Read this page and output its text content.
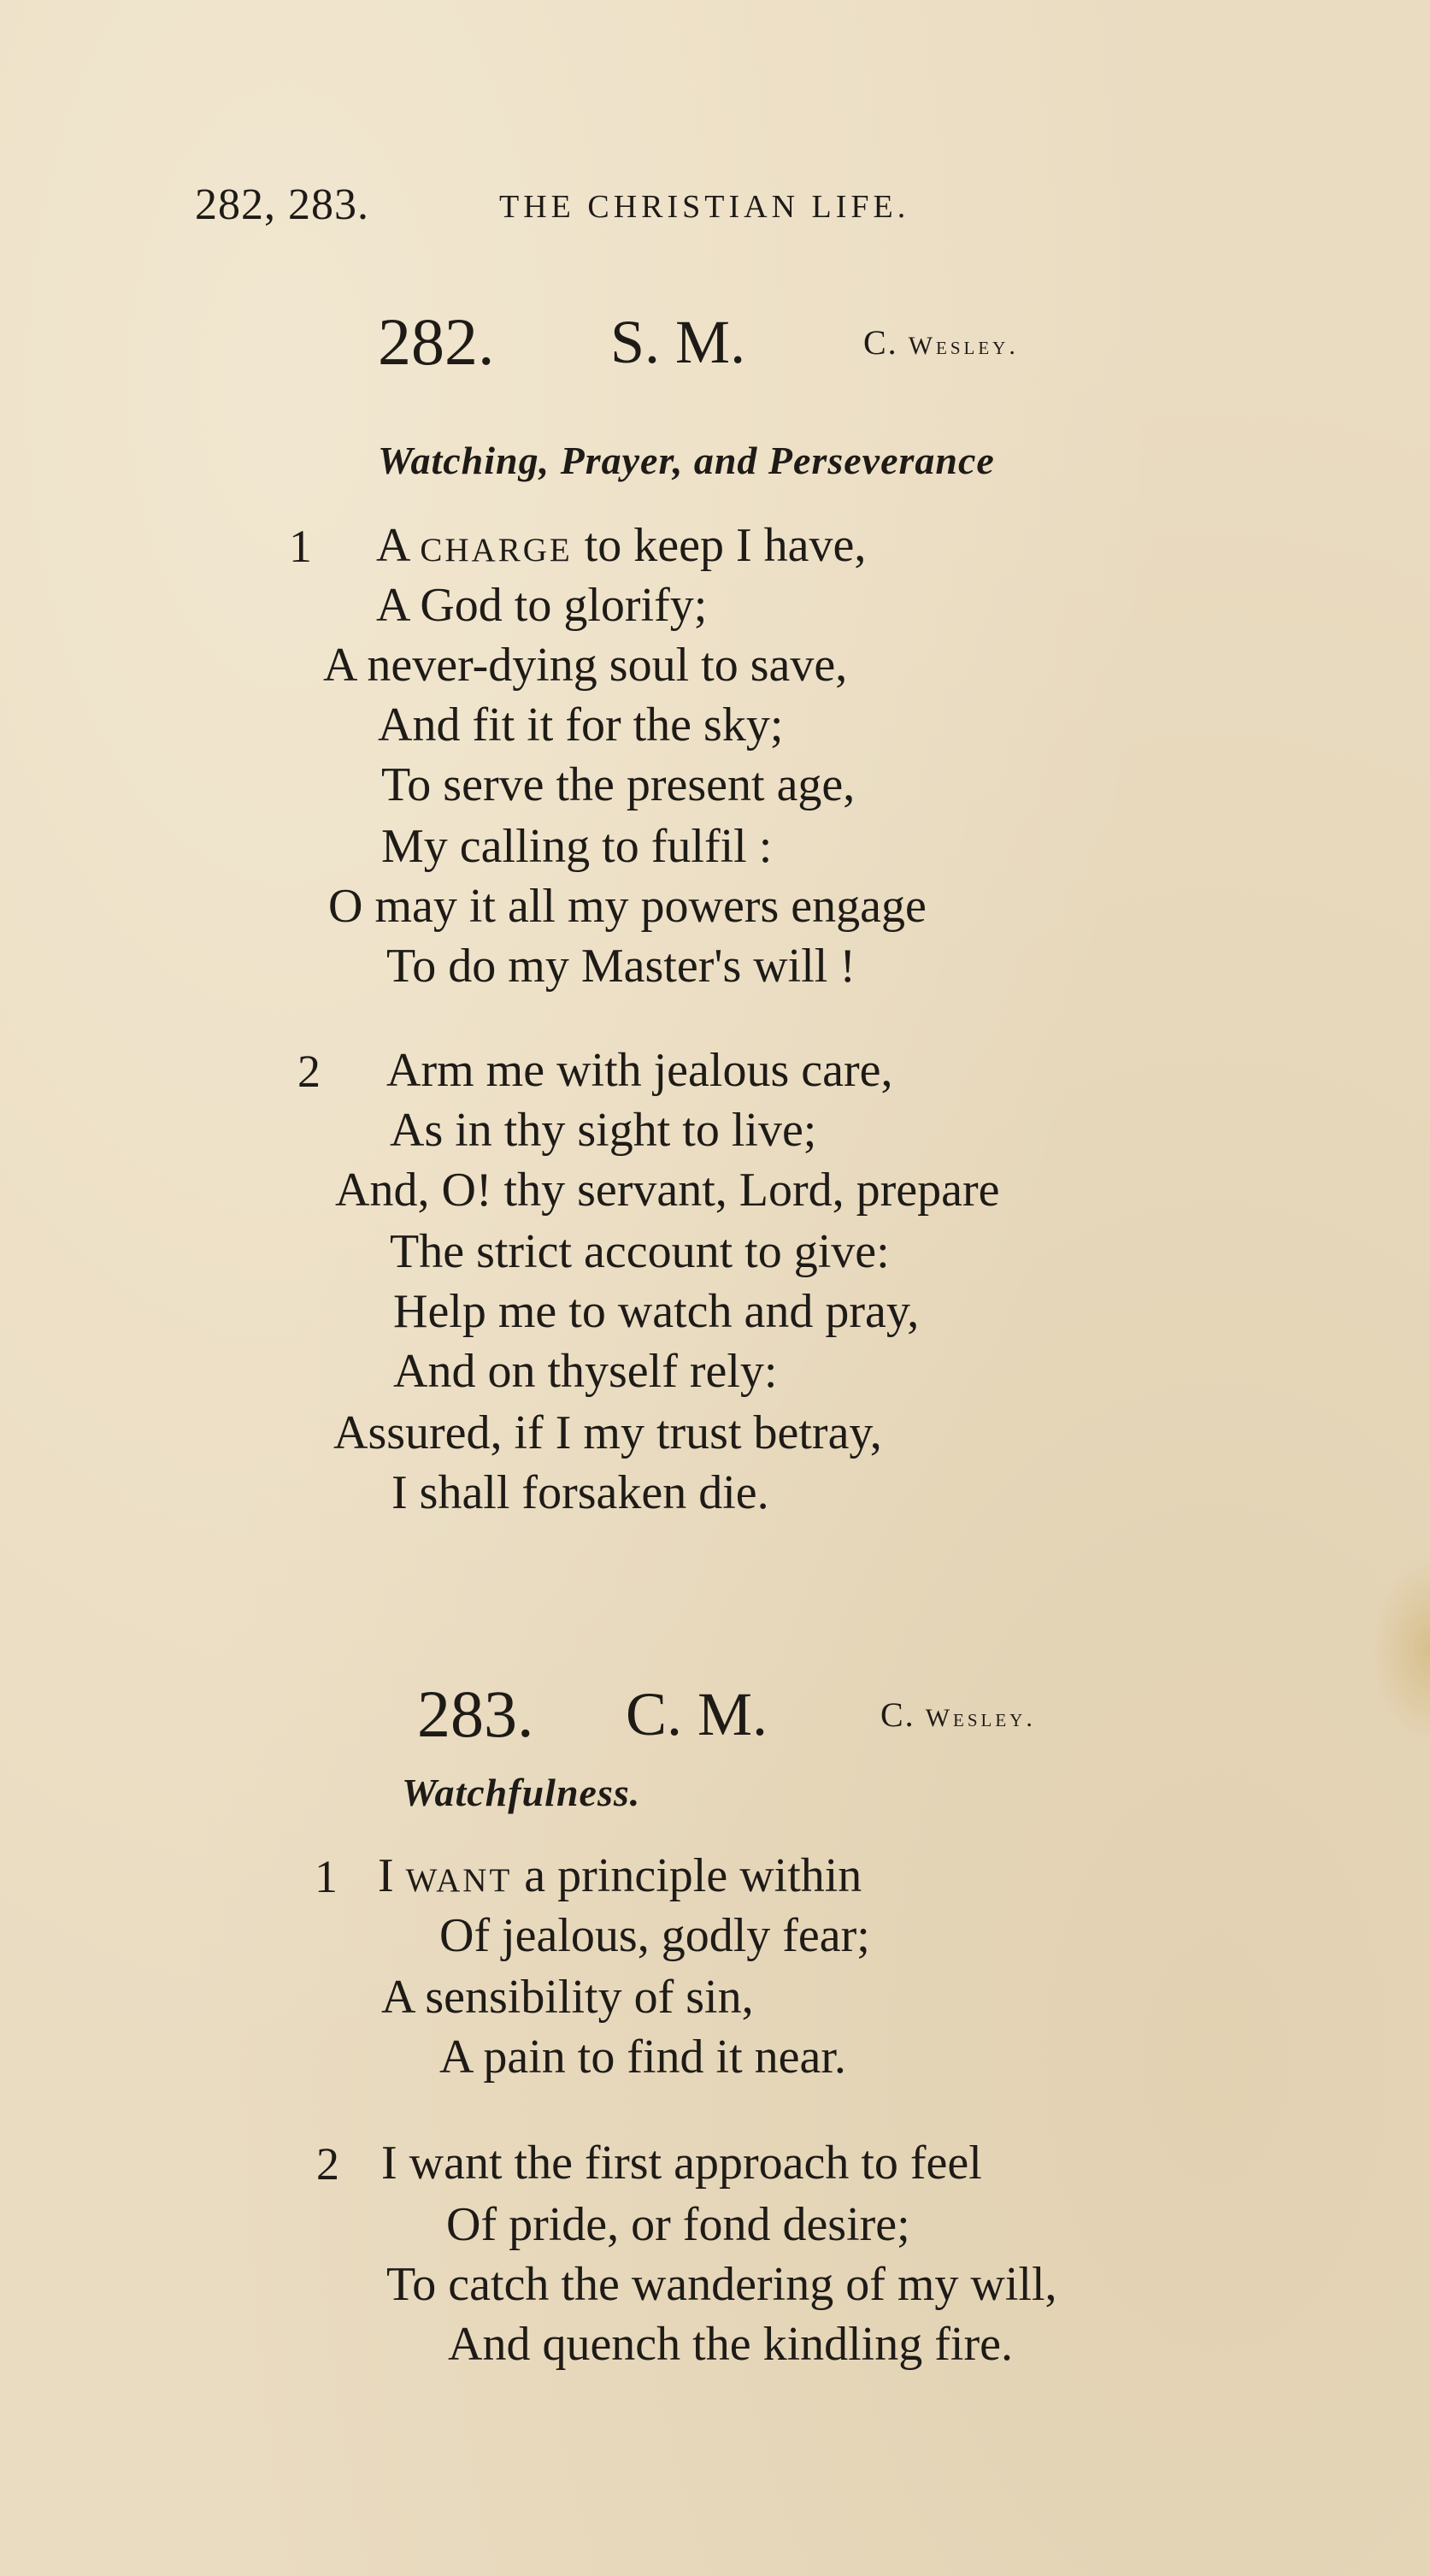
282, 283.	THE CHRISTIAN LIFE.
282. S. M.	C. Wesley.
Watching, Prayer, and Perseverance
1 A charge to keep I have,
A God to glorify;
A never-dying soul to save,
And fit it for the sky;
To serve the present age,
My calling to fulfil :
O may it all my powers engage
To do my Master's will !
2 Arm me with jealous care,
As in thy sight to live;
And, O! thy servant, Lord, prepare
The strict account to give:
Help me to watch and pray,
And on thyself rely:
Assured, if I my trust betray,
I shall forsaken die.
283. C. M.	C. Wesley.
Watchfulness.
1 I want a principle within
Of jealous, godly fear;
A sensibility of sin,
A pain to find it near.
2 I want the first approach to feel
Of pride, or fond desire;
To catch the wandering of my will,
And quench the kindling fire.
